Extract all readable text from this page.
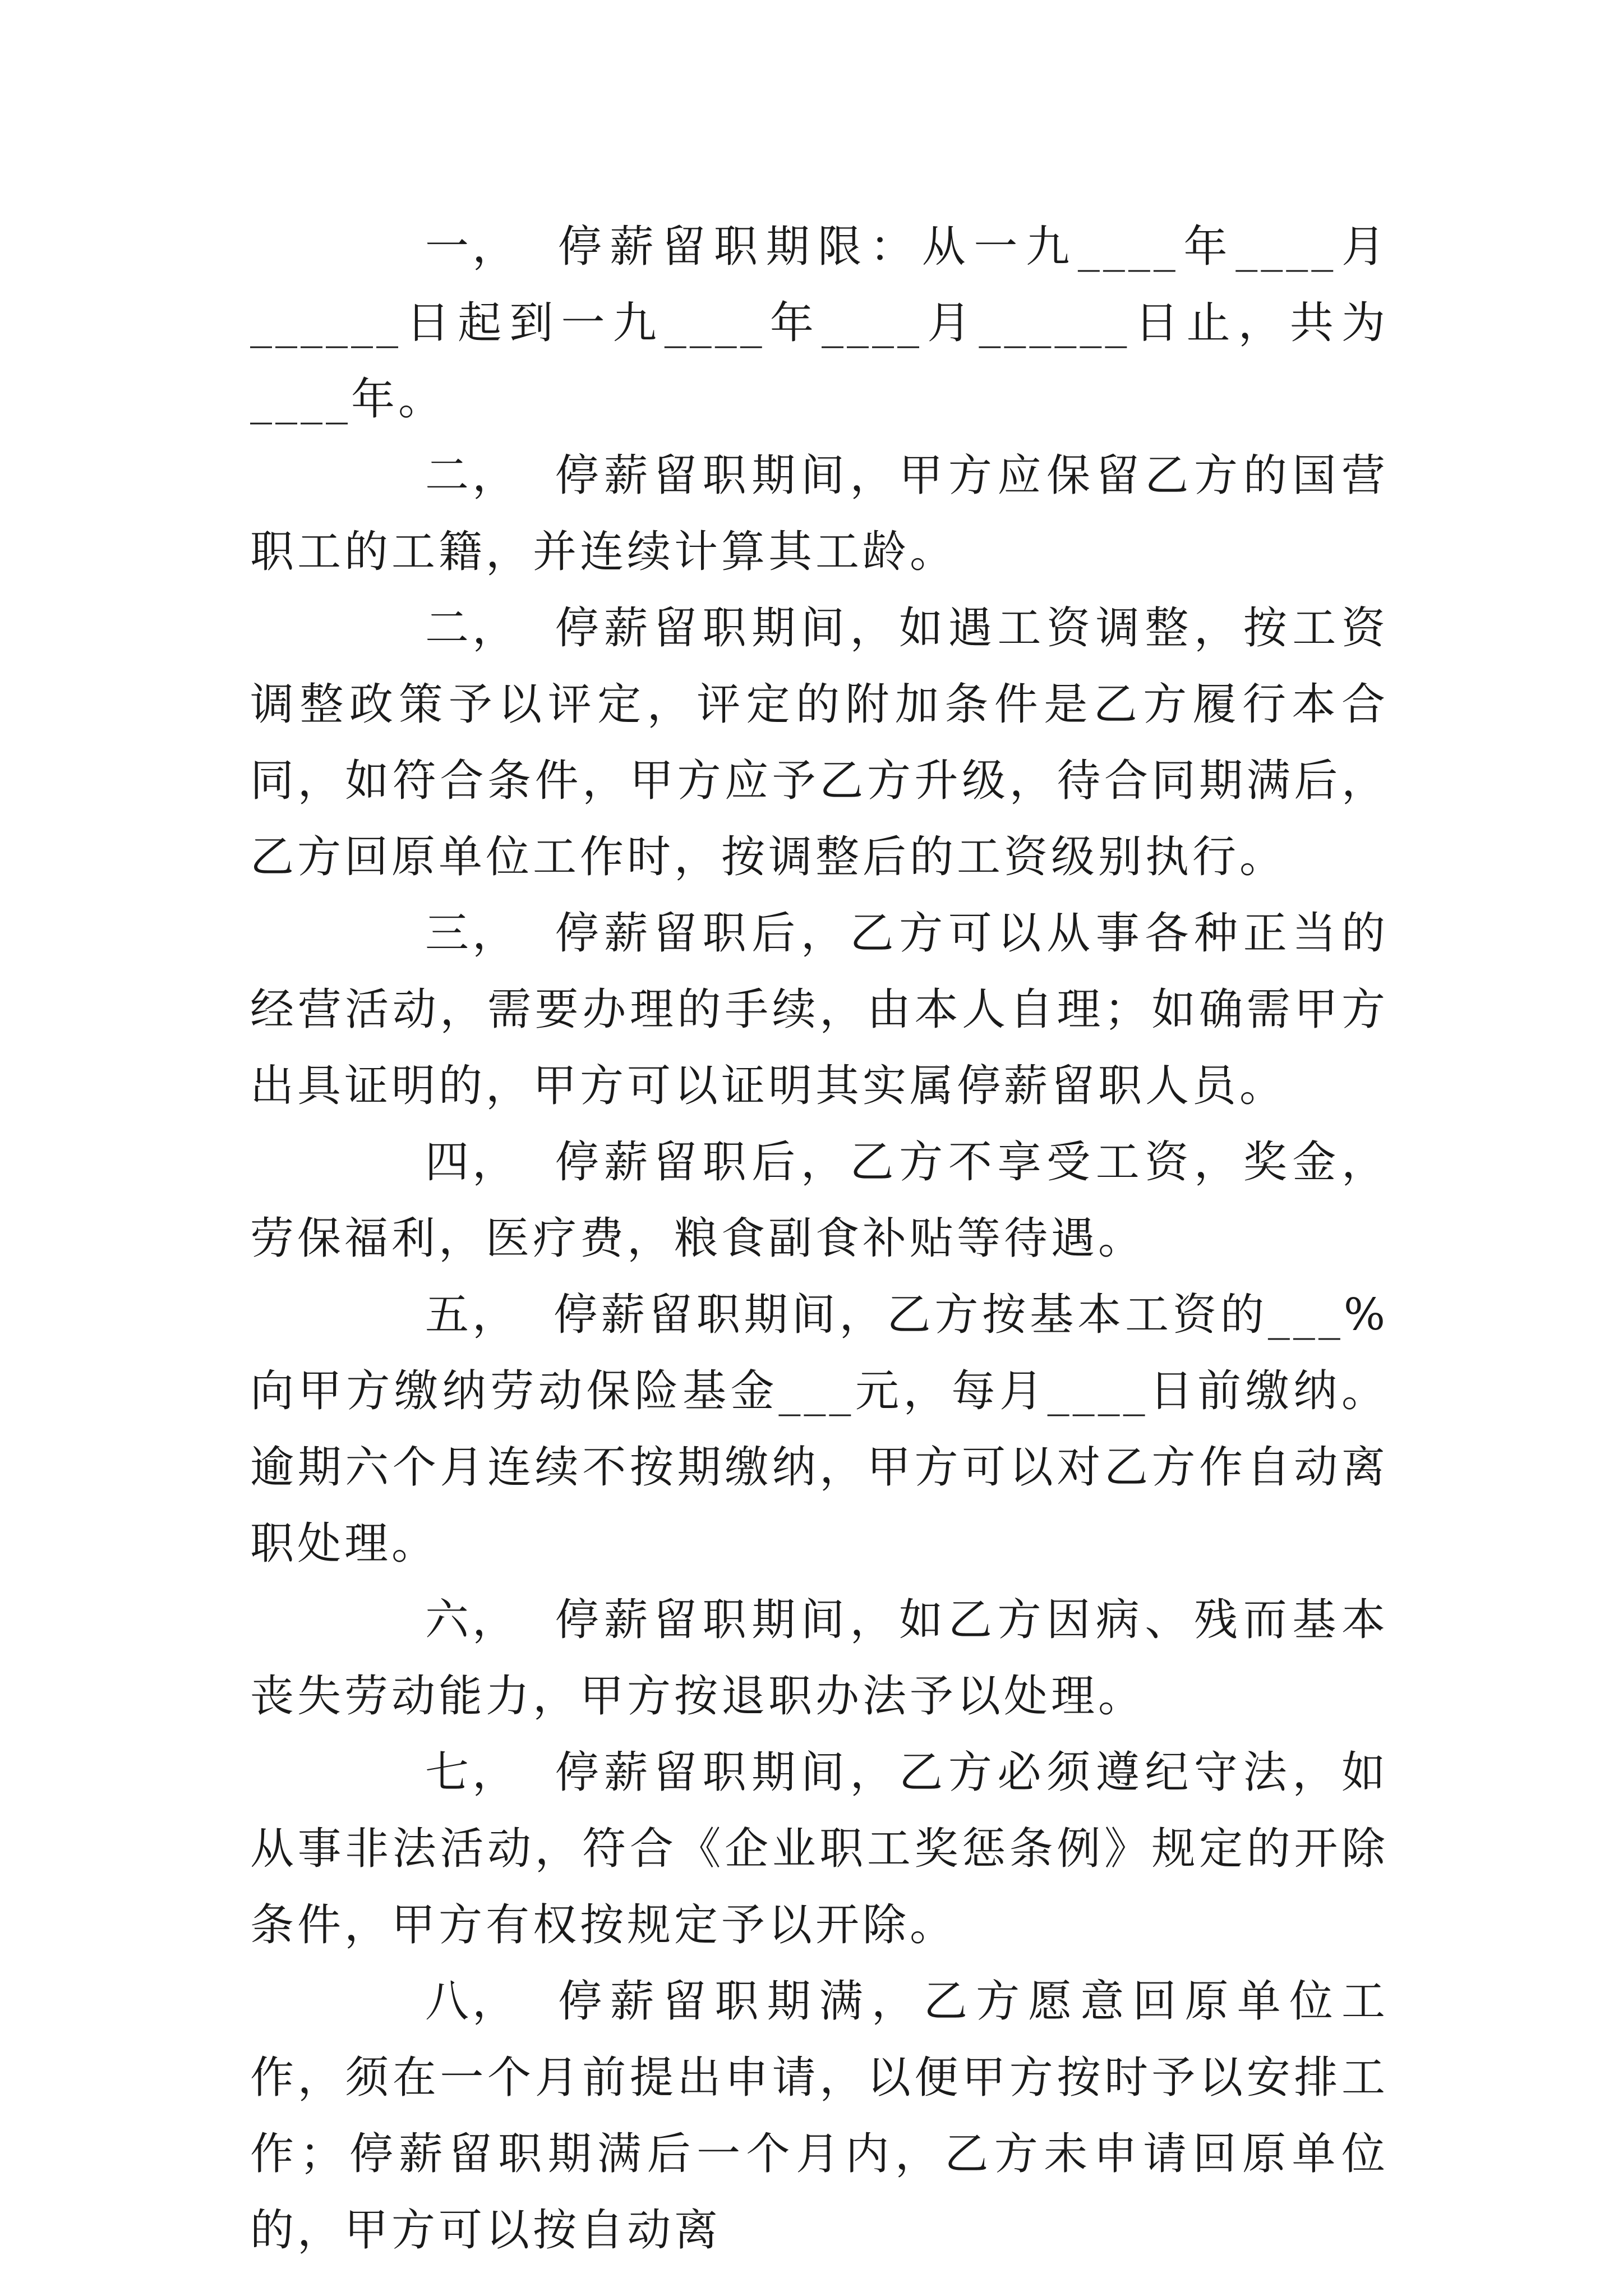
一， 停薪留职期限：从一九____年____月______日起到一九____年____月______日止，共为____年。

二， 停薪留职期间，甲方应保留乙方的国营职工的工籍，并连续计算其工龄。

二， 停薪留职期间，如遇工资调整，按工资调整政策予以评定，评定的附加条件是乙方履行本合同，如符合条件，甲方应予乙方升级，待合同期满后，乙方回原单位工作时，按调整后的工资级别执行。

三， 停薪留职后，乙方可以从事各种正当的经营活动，需要办理的手续，由本人自理；如确需甲方出具证明的，甲方可以证明其实属停薪留职人员。

四， 停薪留职后，乙方不享受工资，奖金，劳保福利，医疗费，粮食副食补贴等待遇。

五， 停薪留职期间，乙方按基本工资的___%向甲方缴纳劳动保险基金___元，每月____日前缴纳。逾期六个月连续不按期缴纳，甲方可以对乙方作自动离职处理。

六， 停薪留职期间，如乙方因病、残而基本丧失劳动能力，甲方按退职办法予以处理。

七， 停薪留职期间，乙方必须遵纪守法，如从事非法活动，符合《企业职工奖惩条例》规定的开除条件，甲方有权按规定予以开除。

八， 停薪留职期满，乙方愿意回原单位工作，须在一个月前提出申请，以便甲方按时予以安排工作；停薪留职期满后一个月内，乙方未申请回原单位的，甲方可以按自动离
